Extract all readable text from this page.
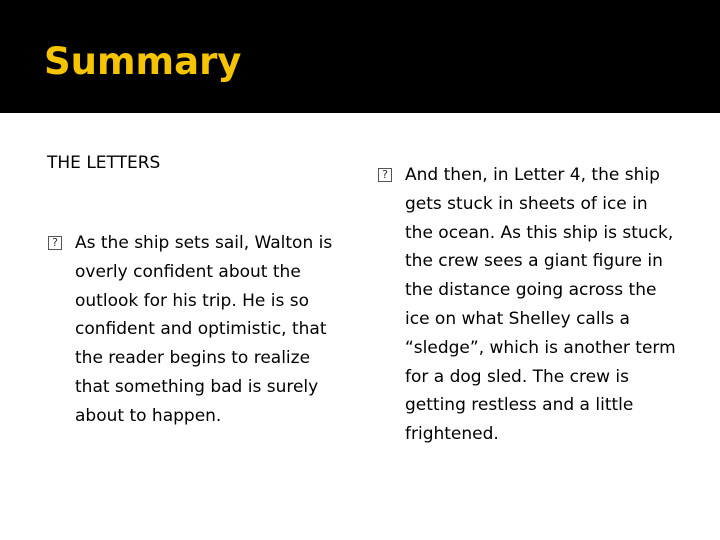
Summary

THE LETTERS

?	As the ship sets sail, Walton is overly confident about the outlook for his trip. He is so confident and optimistic, that the reader begins to realize that something bad is surely about to happen.

?	And then, in Letter 4, the ship gets stuck in sheets of ice in the ocean. As this ship is stuck, the crew sees a giant figure in the distance going across the ice on what Shelley calls a “sledge”, which is another term for a dog sled. The crew is getting restless and a little frightened.
